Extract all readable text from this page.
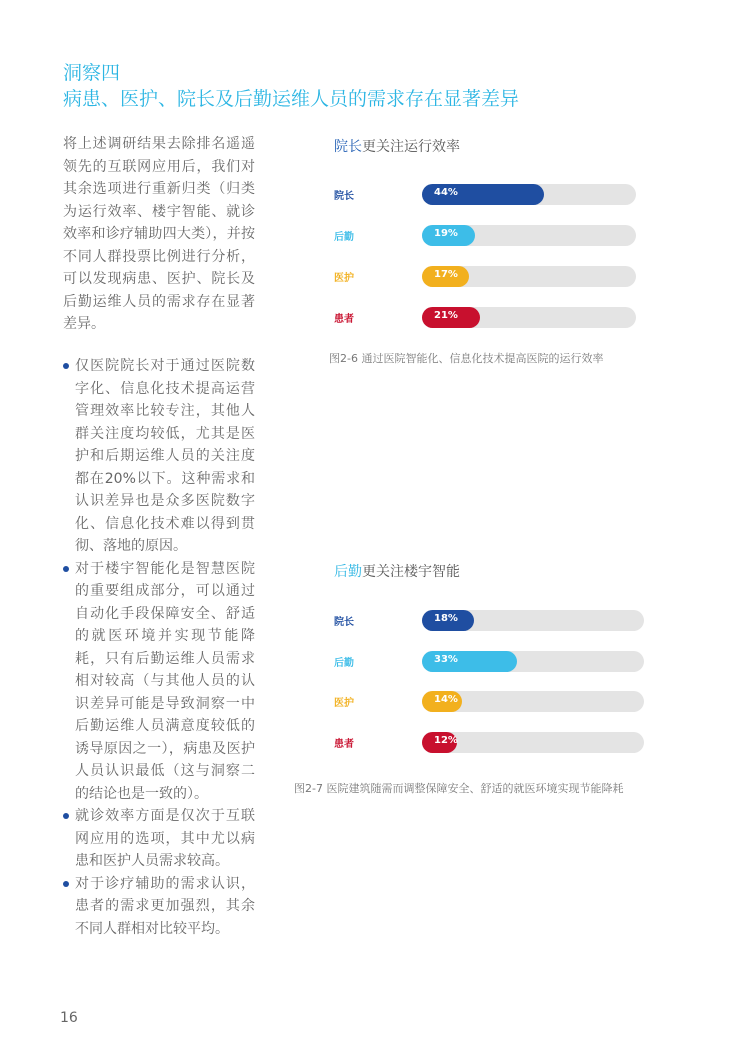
洞察四
病患、医护、院长及后勤运维人员的需求存在显著差异
将上述调研结果去除排名遥遥领先的互联网应用后，我们对其余选项进行重新归类（归类为运行效率、楼宇智能、就诊效率和诊疗辅助四大类），并按不同人群投票比例进行分析，可以发现病患、医护、院长及后勤运维人员的需求存在显著差异。
仅医院院长对于通过医院数字化、信息化技术提高运营管理效率比较专注，其他人群关注度均较低，尤其是医护和后期运维人员的关注度都在20%以下。这种需求和认识差异也是众多医院数字化、信息化技术难以得到贯彻、落地的原因。
对于楼宇智能化是智慧医院的重要组成部分，可以通过自动化手段保障安全、舒适的就医环境并实现节能降耗，只有后勤运维人员需求相对较高（与其他人员的认识差异可能是导致洞察一中后勤运维人员满意度较低的诱导原因之一），病患及医护人员认识最低（这与洞察二的结论也是一致的）。
就诊效率方面是仅次于互联网应用的选项，其中尤以病患和医护人员需求较高。
对于诊疗辅助的需求认识，患者的需求更加强烈，其余不同人群相对比较平均。
院长更关注运行效率
院长	44%
后勤	19%
医护	17%
患者	21%
图2-6 通过医院智能化、信息化技术提高医院的运行效率
后勤更关注楼宇智能
院长	18%
后勤	33%
医护	14%
患者	12%
图2-7 医院建筑随需而调整保障安全、舒适的就医环境实现节能降耗
16
